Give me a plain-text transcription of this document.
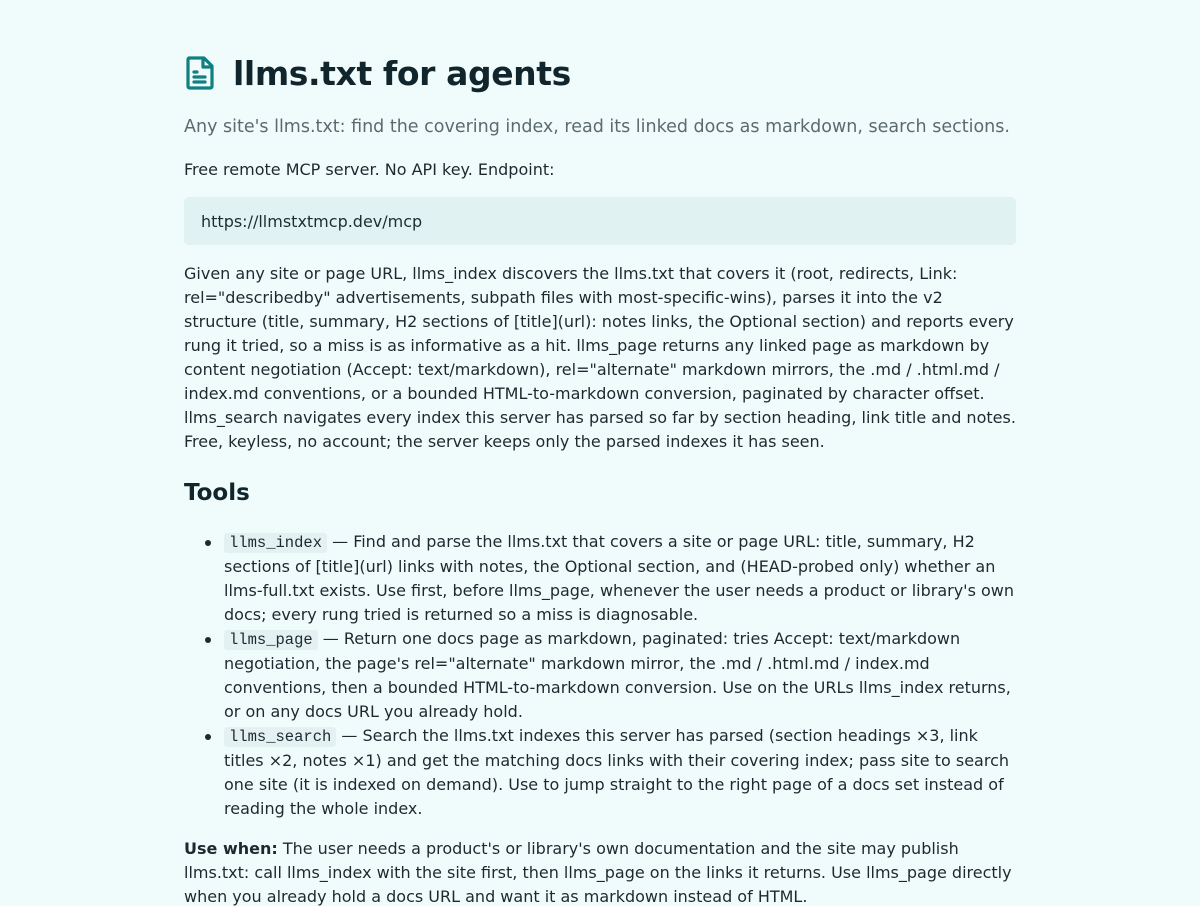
llms.txt for agents

Any site's llms.txt: find the covering index, read its linked docs as markdown, search sections.

Free remote MCP server. No API key. Endpoint:

https://llmstxtmcp.dev/mcp

Given any site or page URL, llms_index discovers the llms.txt that covers it (root, redirects, Link: rel="describedby" advertisements, subpath files with most-specific-wins), parses it into the v2 structure (title, summary, H2 sections of [title](url): notes links, the Optional section) and reports every rung it tried, so a miss is as informative as a hit. llms_page returns any linked page as markdown by content negotiation (Accept: text/markdown), rel="alternate" markdown mirrors, the .md / .html.md / index.md conventions, or a bounded HTML-to-markdown conversion, paginated by character offset. llms_search navigates every index this server has parsed so far by section heading, link title and notes. Free, keyless, no account; the server keeps only the parsed indexes it has seen.

Tools
llms_index — Find and parse the llms.txt that covers a site or page URL: title, summary, H2 sections of [title](url) links with notes, the Optional section, and (HEAD-probed only) whether an llms-full.txt exists. Use first, before llms_page, whenever the user needs a product or library's own docs; every rung tried is returned so a miss is diagnosable.
llms_page — Return one docs page as markdown, paginated: tries Accept: text/markdown negotiation, the page's rel="alternate" markdown mirror, the .md / .html.md / index.md conventions, then a bounded HTML-to-markdown conversion. Use on the URLs llms_index returns, or on any docs URL you already hold.
llms_search — Search the llms.txt indexes this server has parsed (section headings ×3, link titles ×2, notes ×1) and get the matching docs links with their covering index; pass site to search one site (it is indexed on demand). Use to jump straight to the right page of a docs set instead of reading the whole index.

Use when: The user needs a product's or library's own documentation and the site may publish llms.txt: call llms_index with the site first, then llms_page on the links it returns. Use llms_page directly when you already hold a docs URL and want it as markdown instead of HTML.
